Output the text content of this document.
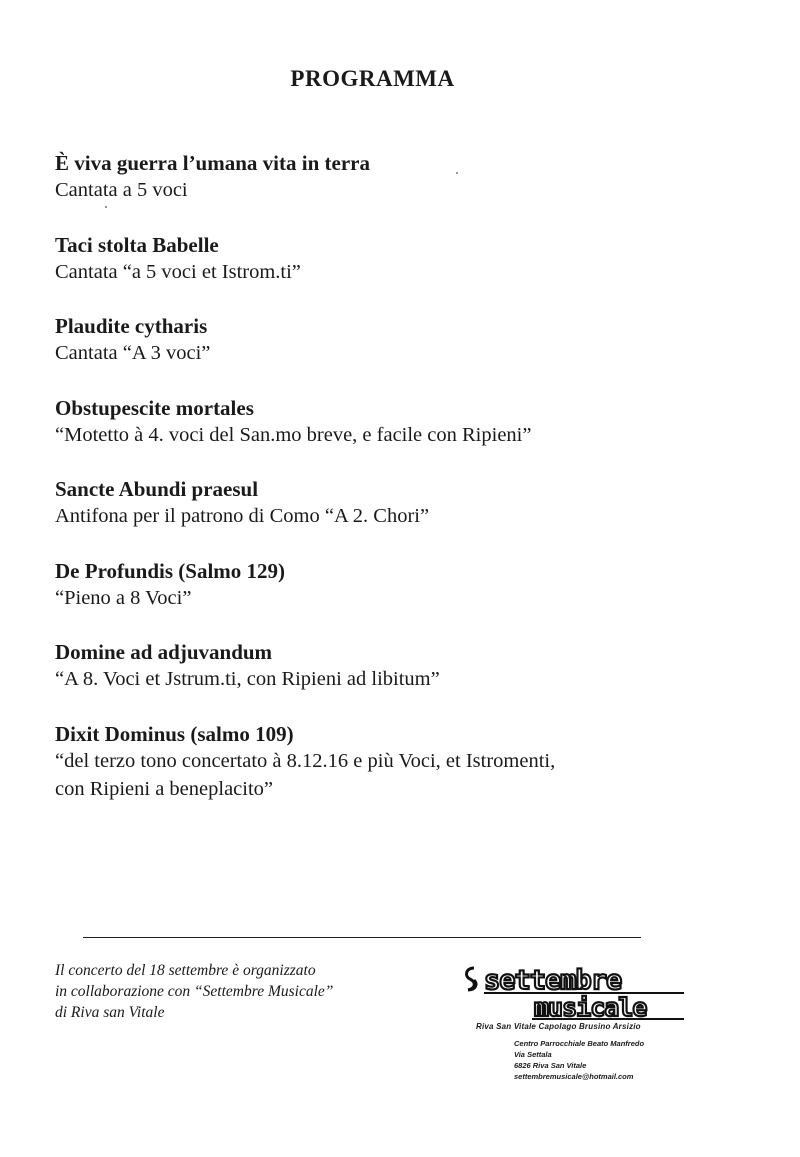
PROGRAMMA
È viva guerra l’umana vita in terra
Cantata a 5 voci
Taci stolta Babelle
Cantata “a 5 voci et Istrom.ti”
Plaudite cytharis
Cantata “A 3 voci”
Obstupescite mortales
“Motetto à 4. voci del San.mo breve, e facile con Ripieni”
Sancte Abundi praesul
Antifona per il patrono di Como “A 2. Chori”
De Profundis (Salmo 129)
“Pieno a 8 Voci”
Domine ad adjuvandum
“A 8. Voci et Jstrum.ti, con Ripieni ad libitum”
Dixit Dominus (salmo 109)
“del terzo tono concertato à 8.12.16 e più Voci, et Istromenti,
con Ripieni a beneplacito”
Il concerto del 18 settembre è organizzato
in collaborazione con “Settembre Musicale”
di Riva san Vitale
settembre
musicale
Riva San Vitale Capolago Brusino Arsizio
Centro Parrocchiale Beato Manfredo
Via Settala
6826 Riva San Vitale
settembremusicale@hotmail.com
